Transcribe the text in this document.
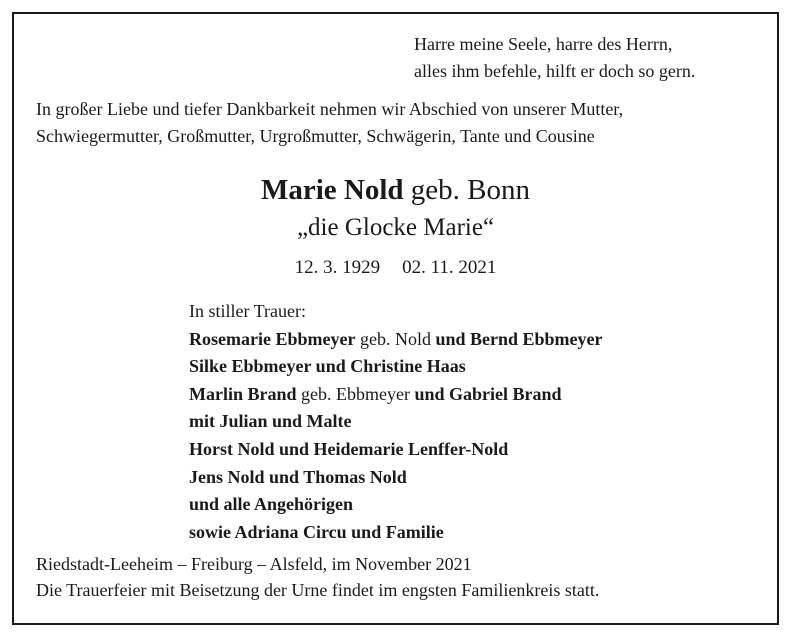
Harre meine Seele, harre des Herrn,
alles ihm befehle, hilft er doch so gern.
In großer Liebe und tiefer Dankbarkeit nehmen wir Abschied von unserer Mutter,
Schwiegermutter, Großmutter, Urgroßmutter, Schwägerin, Tante und Cousine
Marie Nold geb. Bonn
„die Glocke Marie“
12. 3. 1929 02. 11. 2021
In stiller Trauer:
Rosemarie Ebbmeyer geb. Nold und Bernd Ebbmeyer
Silke Ebbmeyer und Christine Haas
Marlin Brand geb. Ebbmeyer und Gabriel Brand
mit Julian und Malte
Horst Nold und Heidemarie Lenffer-Nold
Jens Nold und Thomas Nold
und alle Angehörigen
sowie Adriana Circu und Familie
Riedstadt-Leeheim – Freiburg – Alsfeld, im November 2021
Die Trauerfeier mit Beisetzung der Urne findet im engsten Familienkreis statt.
